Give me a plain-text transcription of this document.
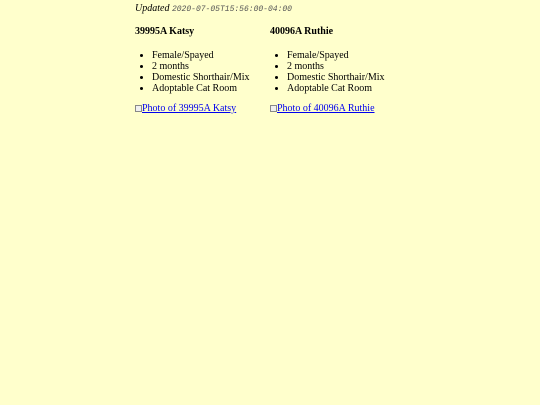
Updated 2020-07-05T15:56:00-04:00
39995A Katsy
• Female/Spayed
• 2 months
• Domestic Shorthair/Mix
• Adoptable Cat Room
Photo of 39995A Katsy
40096A Ruthie
• Female/Spayed
• 2 months
• Domestic Shorthair/Mix
• Adoptable Cat Room
Photo of 40096A Ruthie
